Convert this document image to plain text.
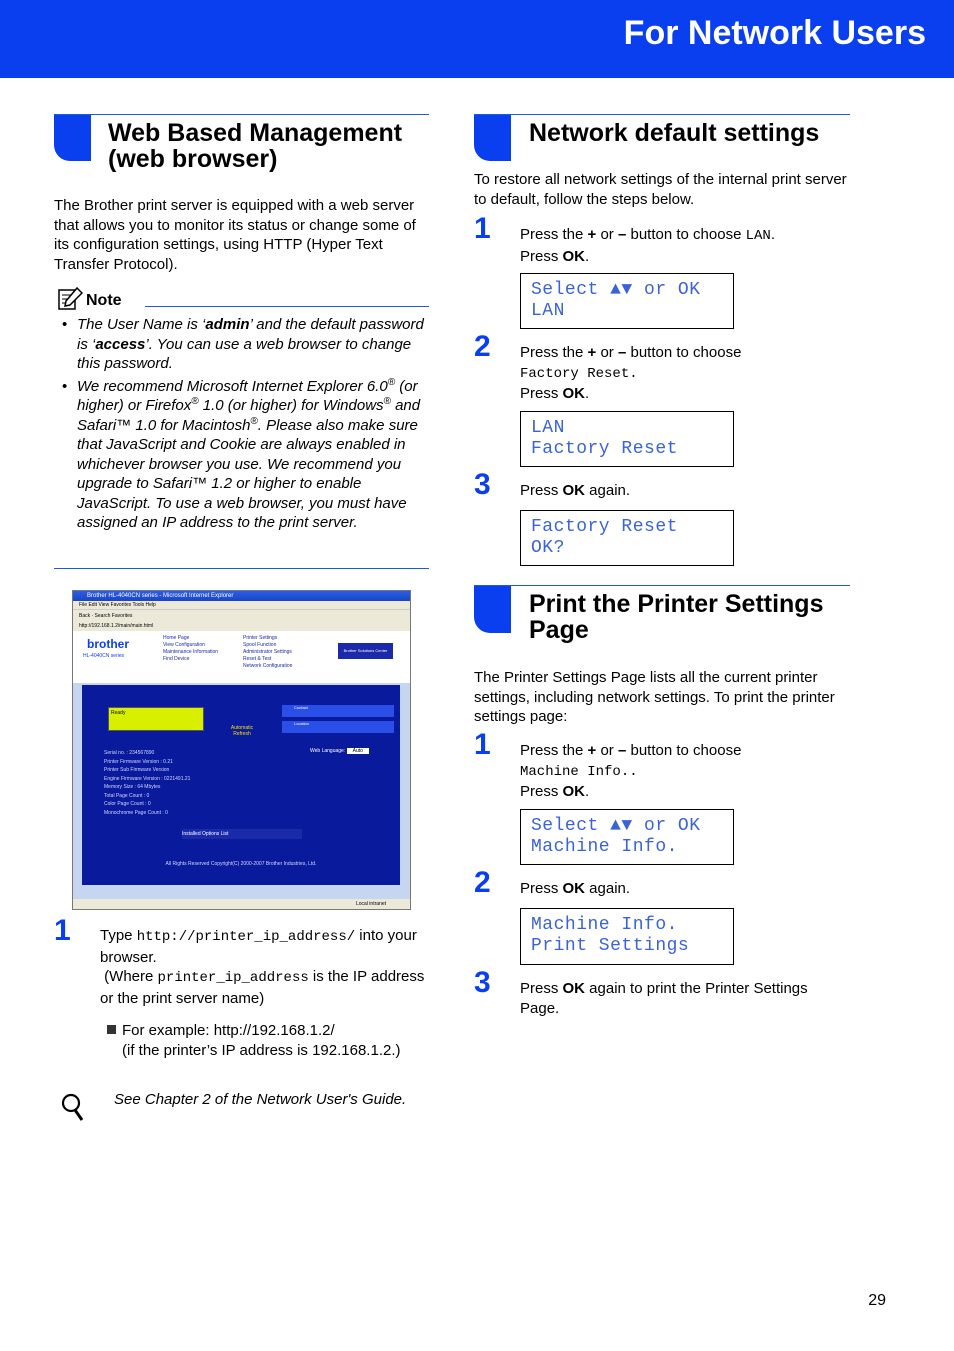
For Network Users
Web Based Management
(web browser)
The Brother print server is equipped with a web server that allows you to monitor its status or change some of its configuration settings, using HTTP (Hyper Text Transfer Protocol).
Note
• The User Name is ‘admin’ and the default password is ‘access’. You can use a web browser to change this password.
• We recommend Microsoft Internet Explorer 6.0® (or higher) or Firefox® 1.0 (or higher) for Windows® and Safari™ 1.0 for Macintosh®. Please also make sure that JavaScript and Cookie are always enabled in whichever browser you use. We recommend you upgrade to Safari™ 1.2 or higher to enable JavaScript. To use a web browser, you must have assigned an IP address to the print server.
Brother HL-4040CN series - Microsoft Internet Explorer
File Edit View Favorites Tools Help
Back · Search Favorites
http://192.168.1.2/main/main.html
brother
HL-4040CN series
Home Page
View Configuration
Maintenance Information
Find Device
Printer Settings
Spool Function
Administrator Settings
Reset & Test
Network Configuration
Brother Solutions Center
Ready
Automatic Refresh
Contact
Location
Web Language: Auto
Serial no. : 234567890
Printer Firmware Version : 0.21
Printer Sub Firmware Version
Engine Firmware Version : 0221491.21
Memory Size : 64 Mbytes
Total Page Count : 0
Color Page Count : 0
Monochrome Page Count : 0
Installed Options List
All Rights Reserved Copyright(C) 2000-2007 Brother Industries, Ltd.
Local intranet
1 Type http://printer_ip_address/ into your browser.
(Where printer_ip_address is the IP address or the print server name)
For example: http://192.168.1.2/
(if the printer’s IP address is 192.168.1.2.)
See Chapter 2 of the Network User's Guide.
Network default settings
To restore all network settings of the internal print server to default, follow the steps below.
1 Press the + or – button to choose LAN.
Press OK.
Select ▲▼ or OK
LAN
2 Press the + or – button to choose
Factory Reset.
Press OK.
LAN
Factory Reset
3 Press OK again.
Factory Reset
OK?
Print the Printer Settings
Page
The Printer Settings Page lists all the current printer settings, including network settings. To print the printer settings page:
1 Press the + or – button to choose
Machine Info..
Press OK.
Select ▲▼ or OK
Machine Info.
2 Press OK again.
Machine Info.
Print Settings
3 Press OK again to print the Printer Settings Page.
29
